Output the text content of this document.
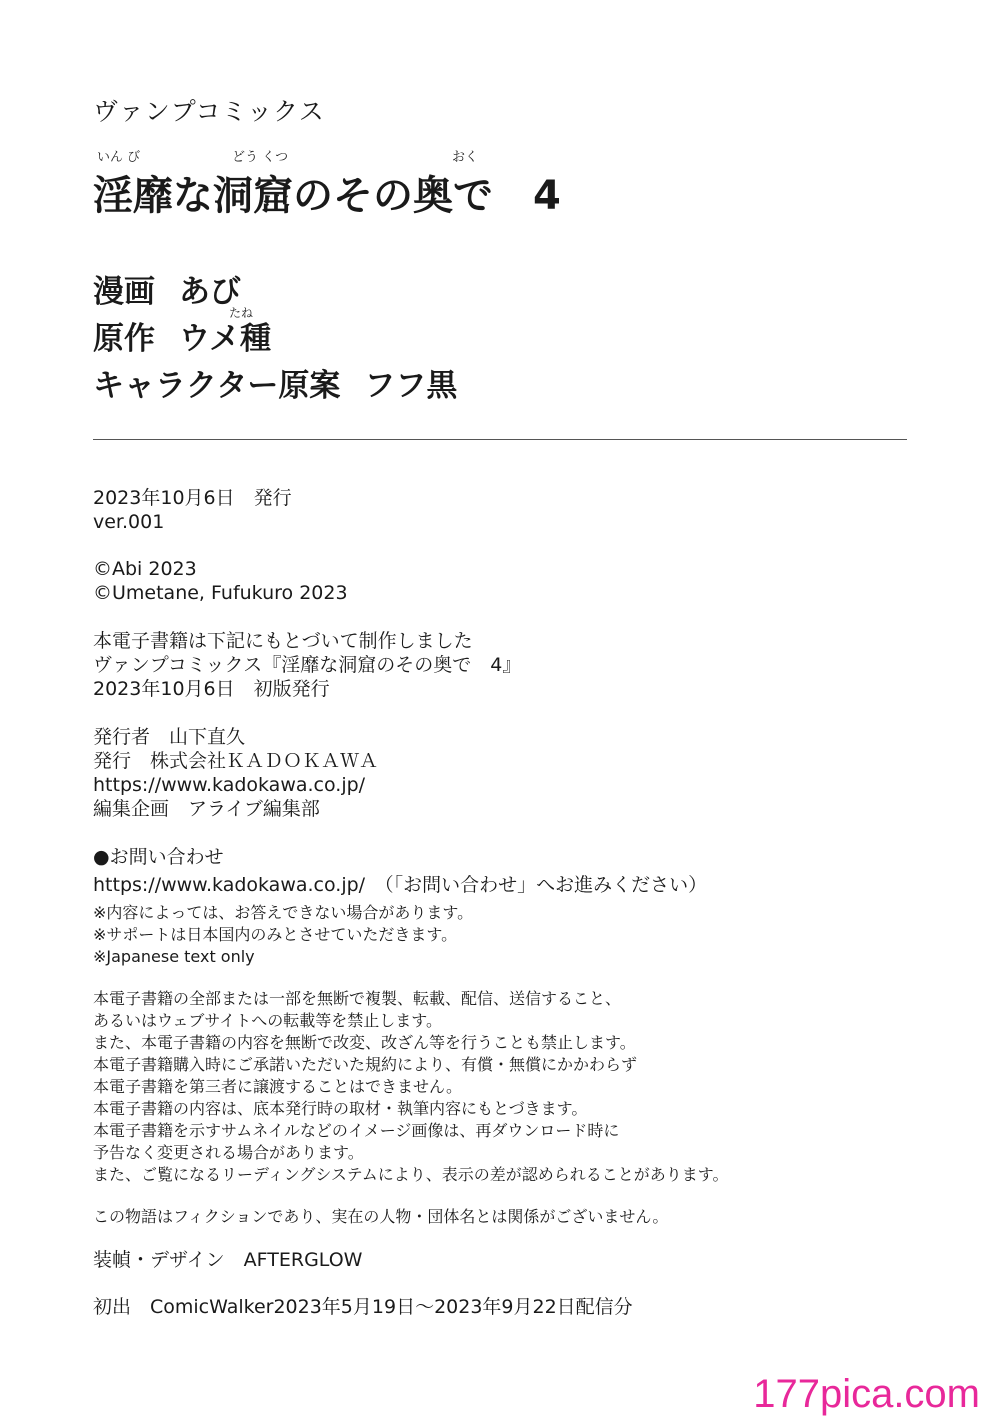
ヴァンプコミックス
いん び	どう くつ	おく
淫靡な洞窟のその奥で　4
漫画 あび
たね
原作 ウメ種
キャラクター原案 フフ黒
2023年10月6日　発行
ver.001
©Abi 2023
©Umetane, Fufukuro 2023
本電子書籍は下記にもとづいて制作しました
ヴァンプコミックス『淫靡な洞窟のその奥で　4』
2023年10月6日　初版発行
発行者　山下直久
発行　株式会社ＫＡＤＯＫＡＷＡ
https://www.kadokawa.co.jp/
編集企画　アライブ編集部
●お問い合わせ
https://www.kadokawa.co.jp/　（「お問い合わせ」へお進みください）
※内容によっては、お答えできない場合があります。
※サポートは日本国内のみとさせていただきます。
※Japanese text only
本電子書籍の全部または一部を無断で複製、転載、配信、送信すること、
あるいはウェブサイトへの転載等を禁止します。
また、本電子書籍の内容を無断で改変、改ざん等を行うことも禁止します。
本電子書籍購入時にご承諾いただいた規約により、有償・無償にかかわらず
本電子書籍を第三者に譲渡することはできません。
本電子書籍の内容は、底本発行時の取材・執筆内容にもとづきます。
本電子書籍を示すサムネイルなどのイメージ画像は、再ダウンロード時に
予告なく変更される場合があります。
また、ご覧になるリーディングシステムにより、表示の差が認められることがあります。
この物語はフィクションであり、実在の人物・団体名とは関係がございません。
装幀・デザイン　AFTERGLOW
初出　ComicWalker2023年5月19日～2023年9月22日配信分
177pica.com
